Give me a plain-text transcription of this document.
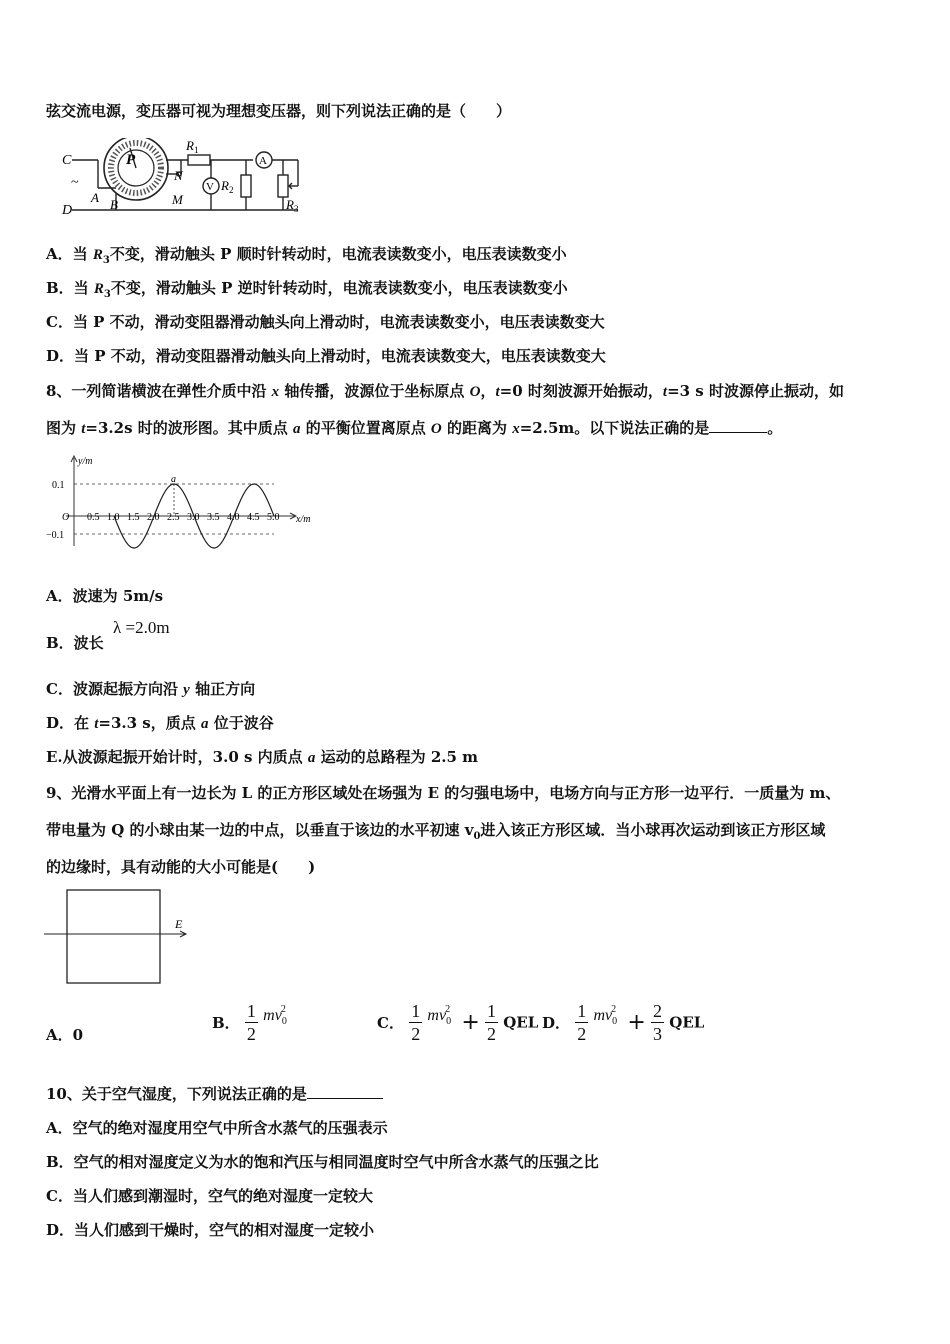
弦交流电源，变压器可视为理想变压器，则下列说法正确的是（　　）
C
D
~
P
N
M
A B
$R_1$
$R_2$
$R_3$
A
V
A．当 $R_3$不变，滑动触头 P 顺时针转动时，电流表读数变小，电压表读数变小
B．当 $R_3$不变，滑动触头 P 逆时针转动时，电流表读数变小，电压表读数变小
C．当 P 不动，滑动变阻器滑动触头向上滑动时，电流表读数变小，电压表读数变大
D．当 P 不动，滑动变阻器滑动触头向上滑动时，电流表读数变大，电压表读数变大
8、一列简谐横波在弹性介质中沿 x 轴传播，波源位于坐标原点 O，t=0 时刻波源开始振动，t=3 s 时波源停止振动，如
图为 t=3.2s 时的波形图。其中质点 a 的平衡位置离原点 O 的距离为 x=2.5m。以下说法正确的是	。
y/m
x/m
0.1
−0.1
O
a
0.5 1.0 1.5 2.0 2.5 3.0 3.5 4.0 4.5 5.0
A．波速为 5m/s
B．波长
λ =2.0m
C．波源起振方向沿 y 轴正方向
D．在 t=3.3 s，质点 a 位于波谷
E.从波源起振开始计时，3.0 s 内质点 a 运动的总路程为 2.5 m
9、光滑水平面上有一边长为 L 的正方形区域处在场强为 E 的匀强电场中，电场方向与正方形一边平行．一质量为 m、
带电量为 Q 的小球由某一边的中点，以垂直于该边的水平初速 $v_0$进入该正方形区域．当小球再次运动到该正方形区域
的边缘时，具有动能的大小可能是(　　)
E
A．0
B． $\frac{1}{2} mv_0^2$
C． $\frac{1}{2} mv_0^2 + \frac{1}{2}$ QEL D． $\frac{1}{2} mv_0^2 + \frac{2}{3}$ QEL
10、关于空气湿度，下列说法正确的是
A．空气的绝对湿度用空气中所含水蒸气的压强表示
B．空气的相对湿度定义为水的饱和汽压与相同温度时空气中所含水蒸气的压强之比
C．当人们感到潮湿时，空气的绝对湿度一定较大
D．当人们感到干燥时，空气的相对湿度一定较小
